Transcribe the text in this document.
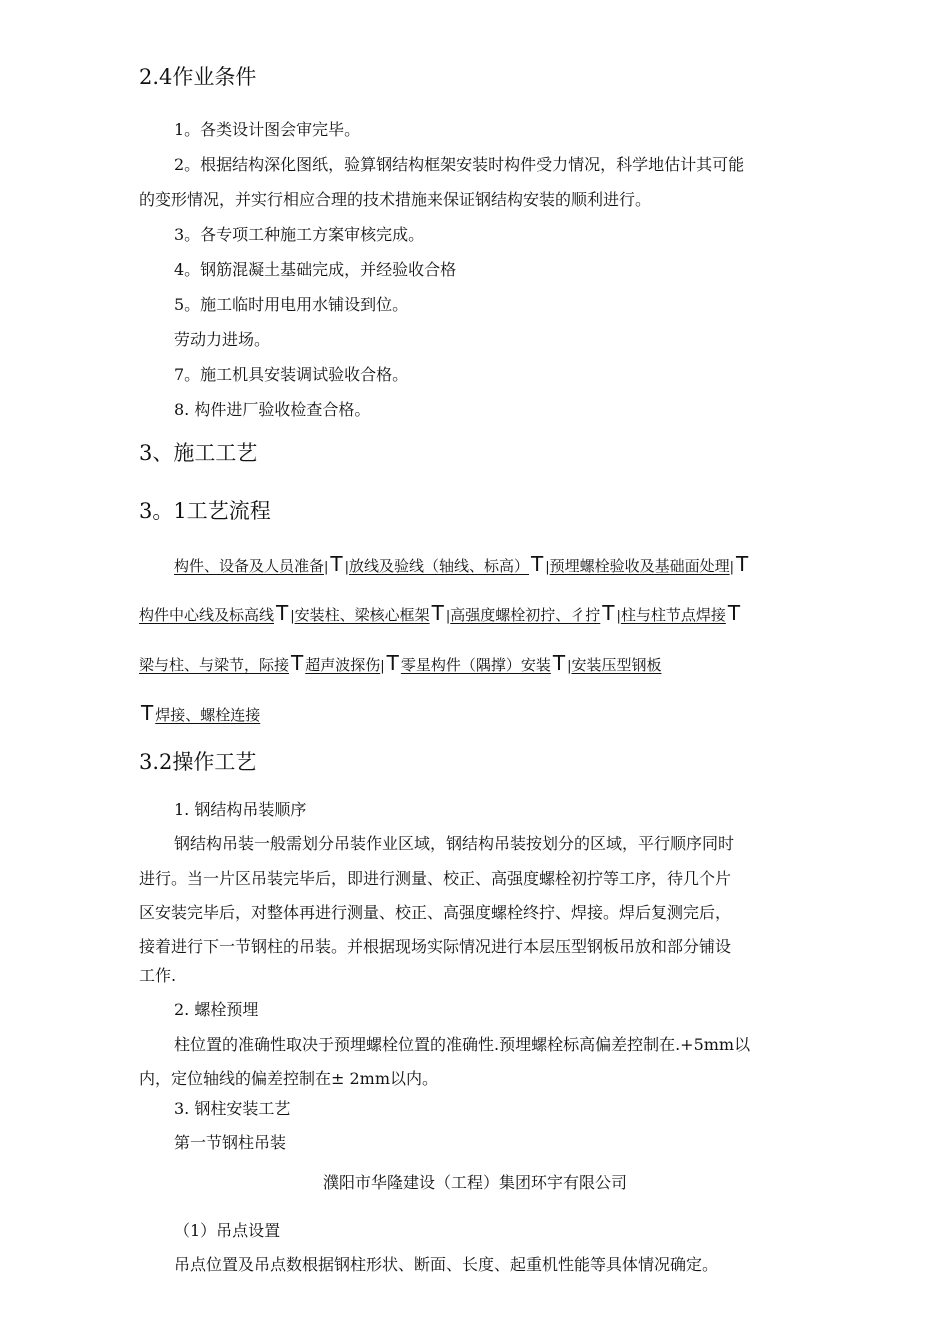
2.4作业条件
1。各类设计图会审完毕。
2。根据结构深化图纸，验算钢结构框架安装时构件受力情况，科学地估计其可能
的变形情况，并实行相应合理的技术措施来保证钢结构安装的顺利进行。
3。各专项工种施工方案审核完成。
4。钢筋混凝土基础完成，并经验收合格
5。施工临时用电用水铺设到位。
劳动力进场。
7。施工机具安装调试验收合格。
8. 构件进厂验收检查合格。
3、施工工艺
3。1工艺流程
构件、设备及人员准备| T |放线及验线（轴线、标高） T |预埋螺栓验收及基础面处理| T
构件中心线及标高线 T |安装柱、梁核心框架 T |高强度螺栓初拧、彳拧 T |柱与柱节点焊接 T
梁与柱、与梁节，际接 T 超声波探伤| T 零星构件（隅撑）安装 T |安装压型钢板
T 焊接、螺栓连接
3.2操作工艺
1. 钢结构吊装顺序
钢结构吊装一般需划分吊装作业区域，钢结构吊装按划分的区域，平行顺序同时
进行。当一片区吊装完毕后，即进行测量、校正、高强度螺栓初拧等工序，待几个片
区安装完毕后，对整体再进行测量、校正、高强度螺栓终拧、焊接。焊后复测完后，
接着进行下一节钢柱的吊装。并根据现场实际情况进行本层压型钢板吊放和部分铺设
工作.
2. 螺栓预埋
柱位置的准确性取决于预埋螺栓位置的准确性.预埋螺栓标高偏差控制在.+5mm以
内，定位轴线的偏差控制在± 2mm以内。
3. 钢柱安装工艺
第一节钢柱吊装
濮阳市华隆建设（工程）集团环宇有限公司
（1）吊点设置
吊点位置及吊点数根据钢柱形状、断面、长度、起重机性能等具体情况确定。
